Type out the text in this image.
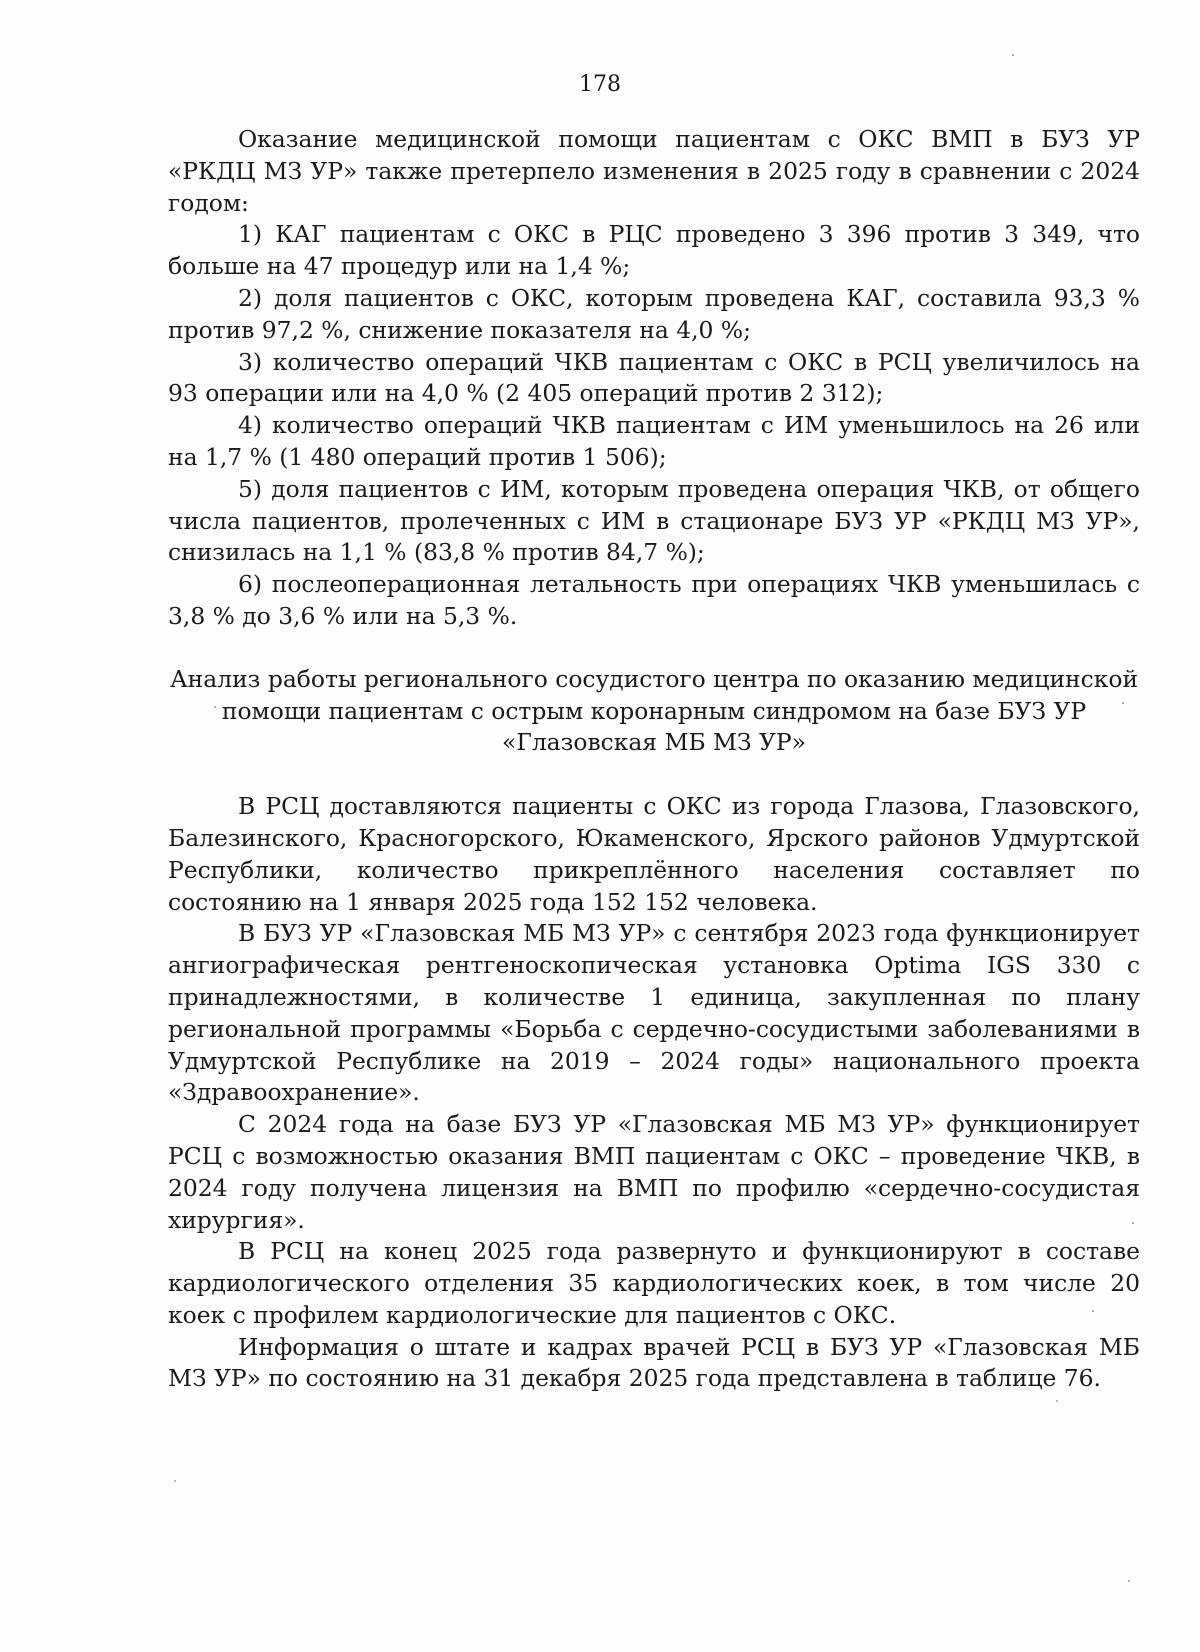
178

Оказание медицинской помощи пациентам с ОКС ВМП в БУЗ УР «РКДЦ МЗ УР» также претерпело изменения в 2025 году в сравнении с 2024 годом:

1) КАГ пациентам с ОКС в РЦС проведено 3 396 против 3 349, что больше на 47 процедур или на 1,4 %;

2) доля пациентов с ОКС, которым проведена КАГ, составила 93,3 % против 97,2 %, снижение показателя на 4,0 %;

3) количество операций ЧКВ пациентам с ОКС в РСЦ увеличилось на 93 операции или на 4,0 % (2 405 операций против 2 312);

4) количество операций ЧКВ пациентам с ИМ уменьшилось на 26 или на 1,7 % (1 480 операций против 1 506);

5) доля пациентов с ИМ, которым проведена операция ЧКВ, от общего числа пациентов, пролеченных с ИМ в стационаре БУЗ УР «РКДЦ МЗ УР», снизилась на 1,1 % (83,8 % против 84,7 %);

6) послеоперационная летальность при операциях ЧКВ уменьшилась с 3,8 % до 3,6 % или на 5,3 %.

Анализ работы регионального сосудистого центра по оказанию медицинской

помощи пациентам с острым коронарным синдромом на базе БУЗ УР

«Глазовская МБ МЗ УР»

В РСЦ доставляются пациенты с ОКС из города Глазова, Глазовского, Балезинского, Красногорского, Юкаменского, Ярского районов Удмуртской Республики, количество прикреплённого населения составляет по состоянию на 1 января 2025 года 152 152 человека.

В БУЗ УР «Глазовская МБ МЗ УР» с сентября 2023 года функционирует ангиографическая рентгеноскопическая установка Optima IGS 330 с принадлежностями, в количестве 1 единица, закупленная по плану региональной программы «Борьба с сердечно-сосудистыми заболеваниями в Удмуртской Республике на 2019 – 2024 годы» национального проекта «Здравоохранение».

С 2024 года на базе БУЗ УР «Глазовская МБ МЗ УР» функционирует РСЦ с возможностью оказания ВМП пациентам с ОКС – проведение ЧКВ, в 2024 году получена лицензия на ВМП по профилю «сердечно-сосудистая хирургия».

В РСЦ на конец 2025 года развернуто и функционируют в составе кардиологического отделения 35 кардиологических коек, в том числе 20 коек с профилем кардиологические для пациентов с ОКС.

Информация о штате и кадрах врачей РСЦ в БУЗ УР «Глазовская МБ МЗ УР» по состоянию на 31 декабря 2025 года представлена в таблице 76.
